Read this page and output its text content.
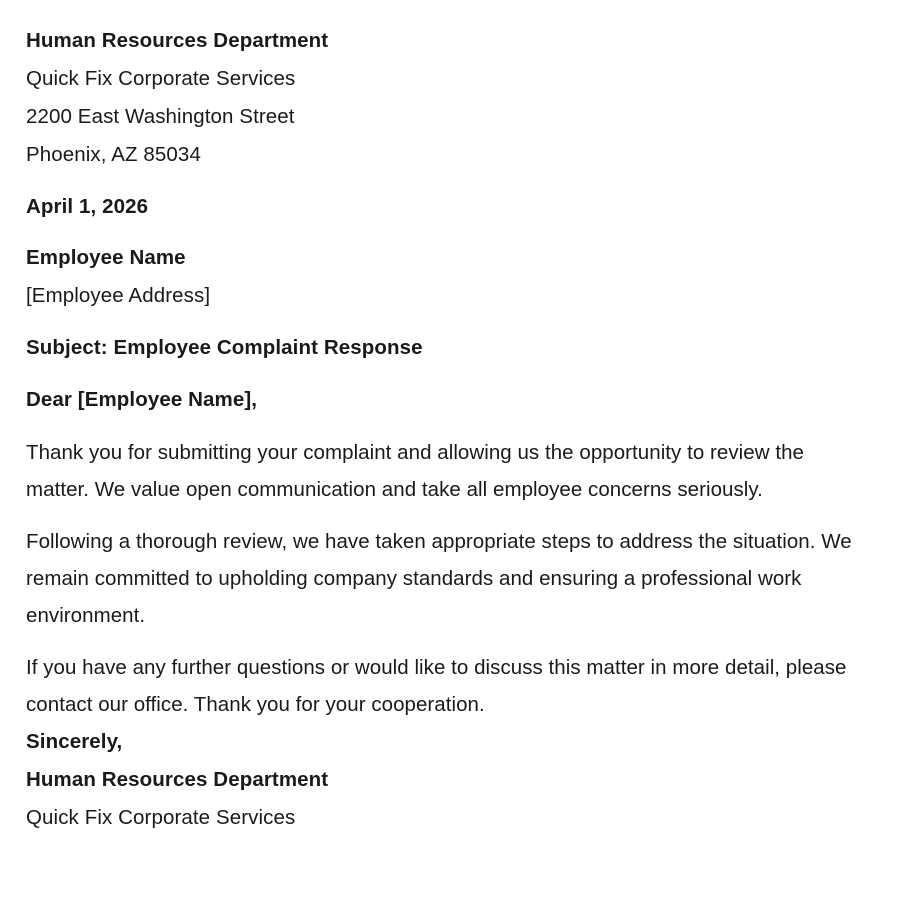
Human Resources Department
Quick Fix Corporate Services
2200 East Washington Street
Phoenix, AZ 85034
April 1, 2026
Employee Name
[Employee Address]
Subject: Employee Complaint Response
Dear [Employee Name],

Thank you for submitting your complaint and allowing us the opportunity to review the matter. We value open communication and take all employee concerns seriously.

Following a thorough review, we have taken appropriate steps to address the situation. We remain committed to upholding company standards and ensuring a professional work environment.

If you have any further questions or would like to discuss this matter in more detail, please contact our office. Thank you for your cooperation.

Sincerely,
Human Resources Department
Quick Fix Corporate Services
